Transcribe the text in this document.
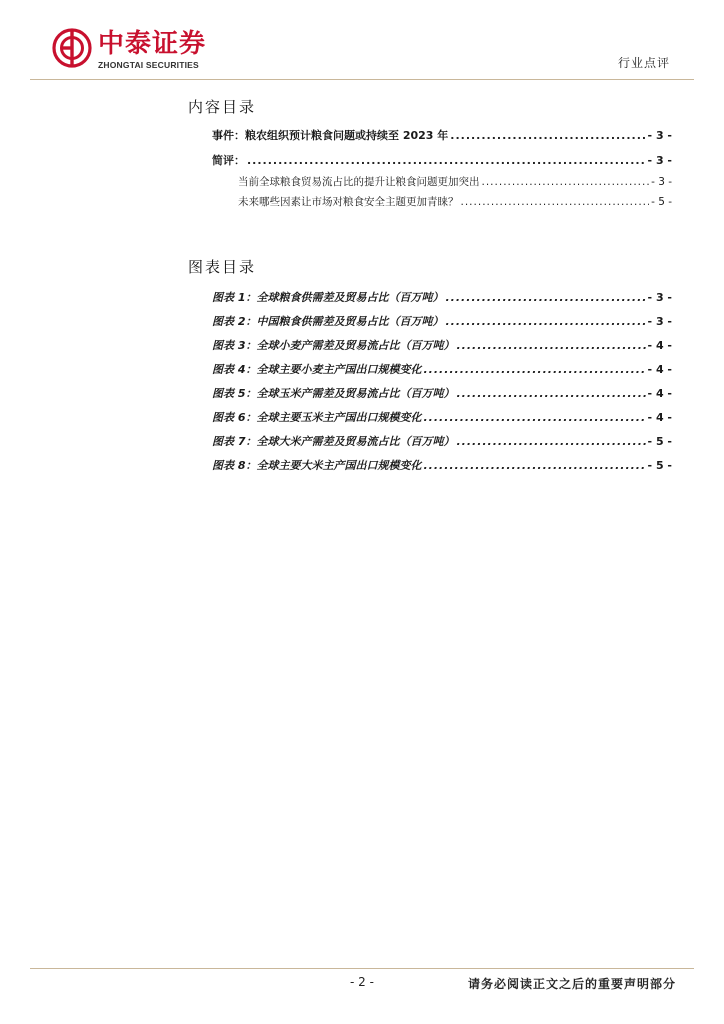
中泰证券
ZHONGTAI SECURITIES	行业点评
内容目录
事件：粮农组织预计粮食问题或持续至 2023 年 .....	- 3 -
简评： .....	- 3 -
当前全球粮食贸易流占比的提升让粮食问题更加突出 .....	- 3 -
未来哪些因素让市场对粮食安全主题更加青睐？ .....	- 5 -
图表目录
图表 1：全球粮食供需差及贸易占比（百万吨） .....	- 3 -
图表 2：中国粮食供需差及贸易占比（百万吨） .....	- 3 -
图表 3：全球小麦产需差及贸易流占比（百万吨） .....	- 4 -
图表 4：全球主要小麦主产国出口规模变化 .....	- 4 -
图表 5：全球玉米产需差及贸易流占比（百万吨） .....	- 4 -
图表 6：全球主要玉米主产国出口规模变化 .....	- 4 -
图表 7：全球大米产需差及贸易流占比（百万吨） .....	- 5 -
图表 8：全球主要大米主产国出口规模变化 .....	- 5 -
- 2 -	请务必阅读正文之后的重要声明部分
